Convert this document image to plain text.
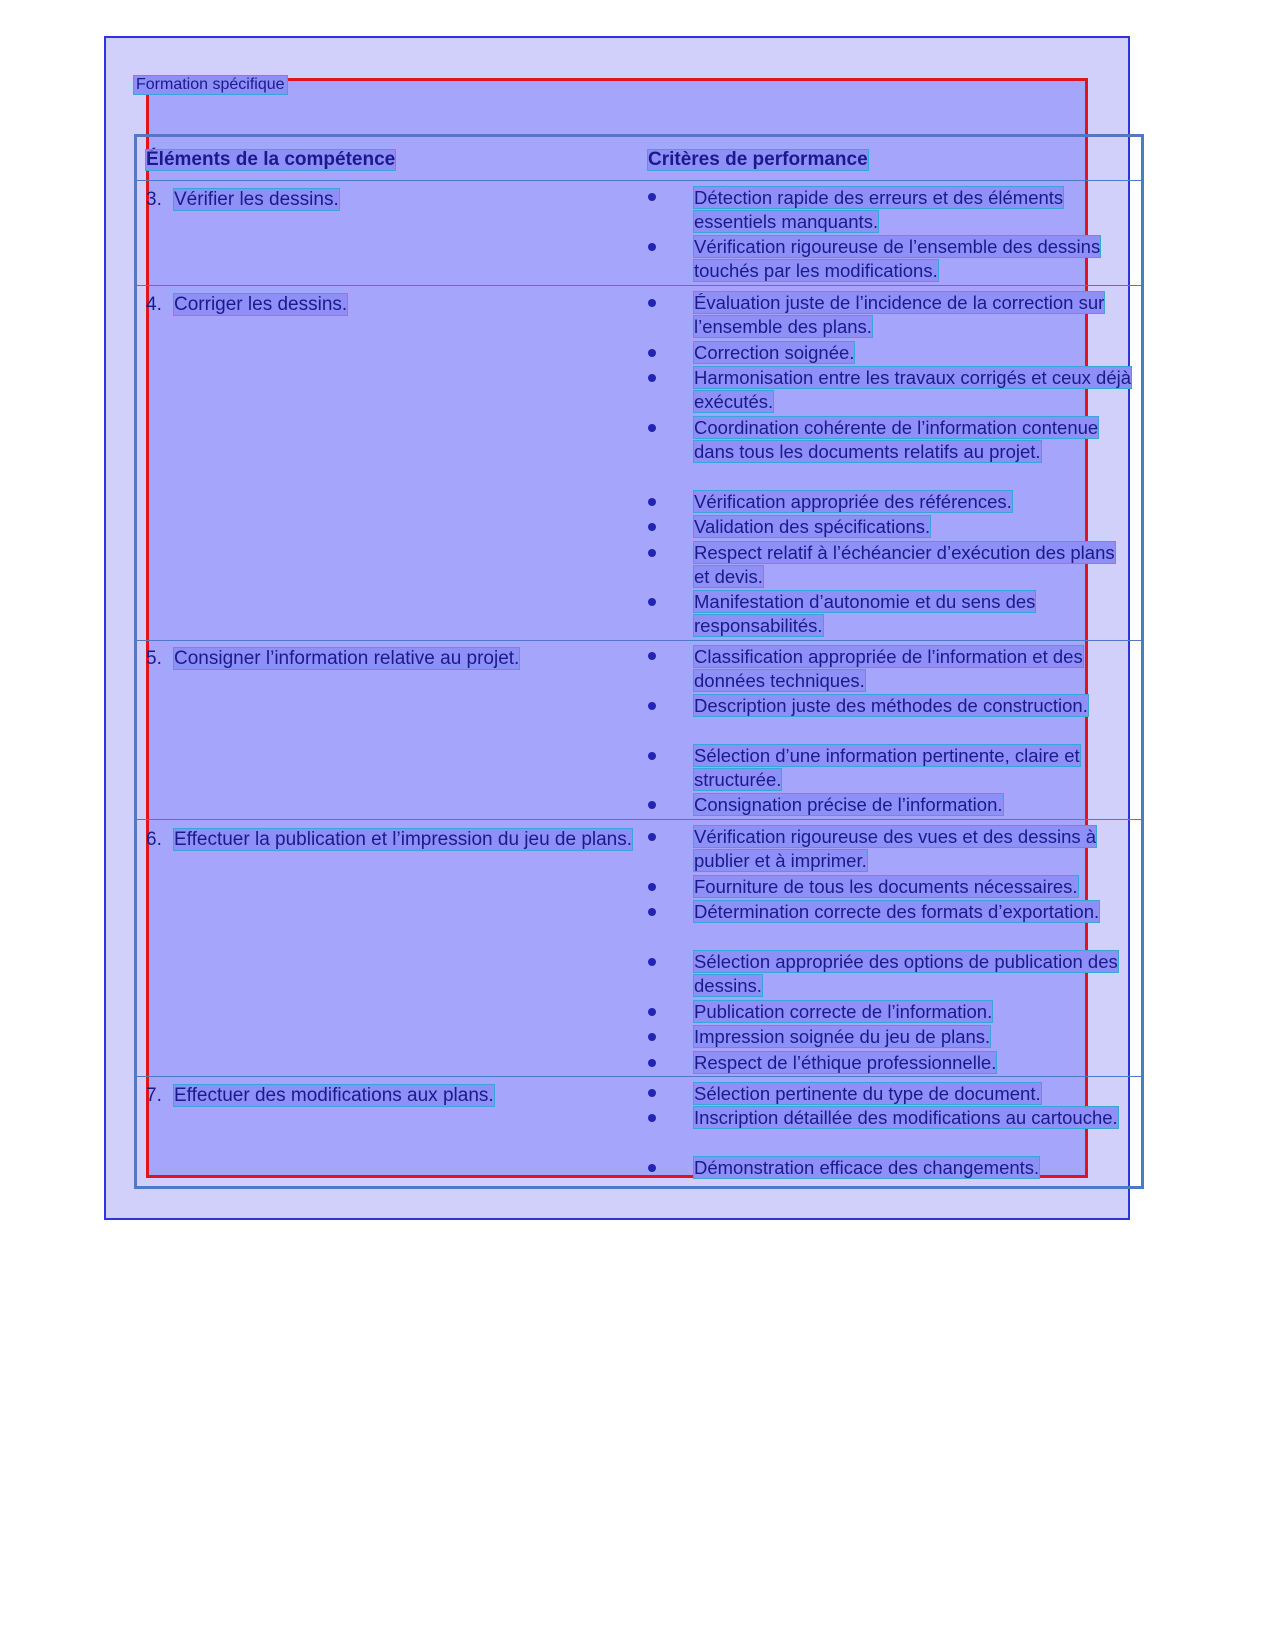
Formation spécifique
Éléments de la compétence	Critères de performance
3. Vérifier les dessins.	Détection rapide des erreurs et des éléments essentiels manquants.
Vérification rigoureuse de l’ensemble des dessins touchés par les modifications.
4. Corriger les dessins.	Évaluation juste de l’incidence de la correction sur l’ensemble des plans.
Correction soignée.
Harmonisation entre les travaux corrigés et ceux déjà exécutés.
Coordination cohérente de l’information contenue dans tous les documents relatifs au projet.
Vérification appropriée des références.
Validation des spécifications.
Respect relatif à l’échéancier d’exécution des plans et devis.
Manifestation d’autonomie et du sens des responsabilités.
5. Consigner l’information relative au projet.	Classification appropriée de l’information et des données techniques.
Description juste des méthodes de construction.
Sélection d’une information pertinente, claire et structurée.
Consignation précise de l’information.
6. Effectuer la publication et l’impression du jeu de plans.	Vérification rigoureuse des vues et des dessins à publier et à imprimer.
Fourniture de tous les documents nécessaires.
Détermination correcte des formats d’exportation.
Sélection appropriée des options de publication des dessins.
Publication correcte de l’information.
Impression soignée du jeu de plans.
Respect de l’éthique professionnelle.
7. Effectuer des modifications aux plans.	Sélection pertinente du type de document.
Inscription détaillée des modifications au cartouche.
Démonstration efficace des changements.
